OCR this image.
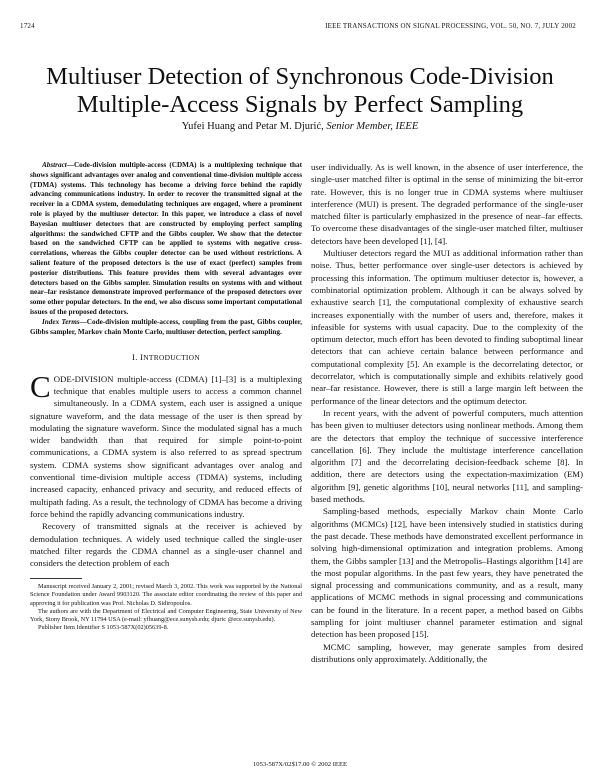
1724	IEEE TRANSACTIONS ON SIGNAL PROCESSING, VOL. 50, NO. 7, JULY 2002
Multiuser Detection of Synchronous Code-Division
Multiple-Access Signals by Perfect Sampling
Yufei Huang and Petar M. Djurić, Senior Member, IEEE

Abstract—Code-division multiple-access (CDMA) is a multiplexing technique that shows significant advantages over analog and conventional time-division multiple access (TDMA) systems. This technology has become a driving force behind the rapidly advancing communications industry. In order to recover the transmitted signal at the receiver in a CDMA system, demodulating techniques are engaged, where a prominent role is played by the multiuser detector. In this paper, we introduce a class of novel Bayesian multiuser detectors that are constructed by employing perfect sampling algorithms: the sandwiched CFTP and the Gibbs coupler. We show that the detector based on the sandwiched CFTP can be applied to systems with negative cross-correlations, whereas the Gibbs coupler detector can be used without restrictions. A salient feature of the proposed detectors is the use of exact (perfect) samples from posterior distributions. This feature provides them with several advantages over detectors based on the Gibbs sampler. Simulation results on systems with and without near–far resistance demonstrate improved performance of the proposed detectors over some other popular detectors. In the end, we also discuss some important computational issues of the proposed detectors.

Index Terms—Code-division multiple-access, coupling from the past, Gibbs coupler, Gibbs sampler, Markov chain Monte Carlo, multiuser detection, perfect sampling.

I. INTRODUCTION

CODE-DIVISION multiple-access (CDMA) [1]–[3] is a multiplexing technique that enables multiple users to access a common channel simultaneously. In a CDMA system, each user is assigned a unique signature waveform, and the data message of the user is then spread by modulating the signature waveform. Since the modulated signal has a much wider bandwidth than that required for simple point-to-point communications, a CDMA system is also referred to as spread spectrum system. CDMA systems show significant advantages over analog and conventional time-division multiple access (TDMA) systems, including increased capacity, enhanced privacy and security, and reduced effects of multipath fading. As a result, the technology of CDMA has become a driving force behind the rapidly advancing communications industry.

Recovery of transmitted signals at the receiver is achieved by demodulation techniques. A widely used technique called the single-user matched filter regards the CDMA channel as a single-user channel and considers the detection problem of each

Manuscript received January 2, 2001; revised March 3, 2002. This work was supported by the National Science Foundation under Award 9903120. The associate editor coordinating the review of this paper and approving it for publication was Prof. Nicholas D. Sidiropoulos.

The authors are with the Department of Electrical and Computer Engineering, State University of New York, Stony Brook, NY 11794 USA (e-mail: yfhuang@ece.sunysb.edu; djuric @ece.sunysb.edu).

Publisher Item Identifier S 1053-587X(02)05639-8.

user individually. As is well known, in the absence of user interference, the single-user matched filter is optimal in the sense of minimizing the bit-error rate. However, this is no longer true in CDMA systems where multiuser interference (MUI) is present. The degraded performance of the single-user matched filter is particularly emphasized in the presence of near–far effects. To overcome these disadvantages of the single-user matched filter, multiuser detectors have been developed [1], [4].

Multiuser detectors regard the MUI as additional information rather than noise. Thus, better performance over single-user detectors is achieved by processing this information. The optimum multiuser detector is, however, a combinatorial optimization problem. Although it can be always solved by exhaustive search [1], the computational complexity of exhaustive search increases exponentially with the number of users and, therefore, makes it infeasible for systems with usual capacity. Due to the complexity of the optimum detector, much effort has been devoted to finding suboptimal linear detectors that can achieve certain balance between performance and computational complexity [5]. An example is the decorrelating detector, or decorrelator, which is computationally simple and exhibits relatively good near–far resistance. However, there is still a large margin left between the performance of the linear detectors and the optimum detector.

In recent years, with the advent of powerful computers, much attention has been given to multiuser detectors using nonlinear methods. Among them are the detectors that employ the technique of successive interference cancellation [6]. They include the multistage interference cancellation algorithm [7] and the decorrelating decision-feedback scheme [8]. In addition, there are detectors using the expectation-maximization (EM) algorithm [9], genetic algorithms [10], neural networks [11], and sampling-based methods.

Sampling-based methods, especially Markov chain Monte Carlo algorithms (MCMCs) [12], have been intensively studied in statistics during the past decade. These methods have demonstrated excellent performance in solving high-dimensional optimization and integration problems. Among them, the Gibbs sampler [13] and the Metropolis–Hastings algorithm [14] are the most popular algorithms. In the past few years, they have penetrated the signal processing and communications community, and as a result, many applications of MCMC methods in signal processing and communications can be found in the literature. In a recent paper, a method based on Gibbs sampling for joint multiuser channel parameter estimation and signal detection has been proposed [15].

MCMC sampling, however, may generate samples from desired distributions only approximately. Additionally, the

1053-587X/02$17.00 © 2002 IEEE
